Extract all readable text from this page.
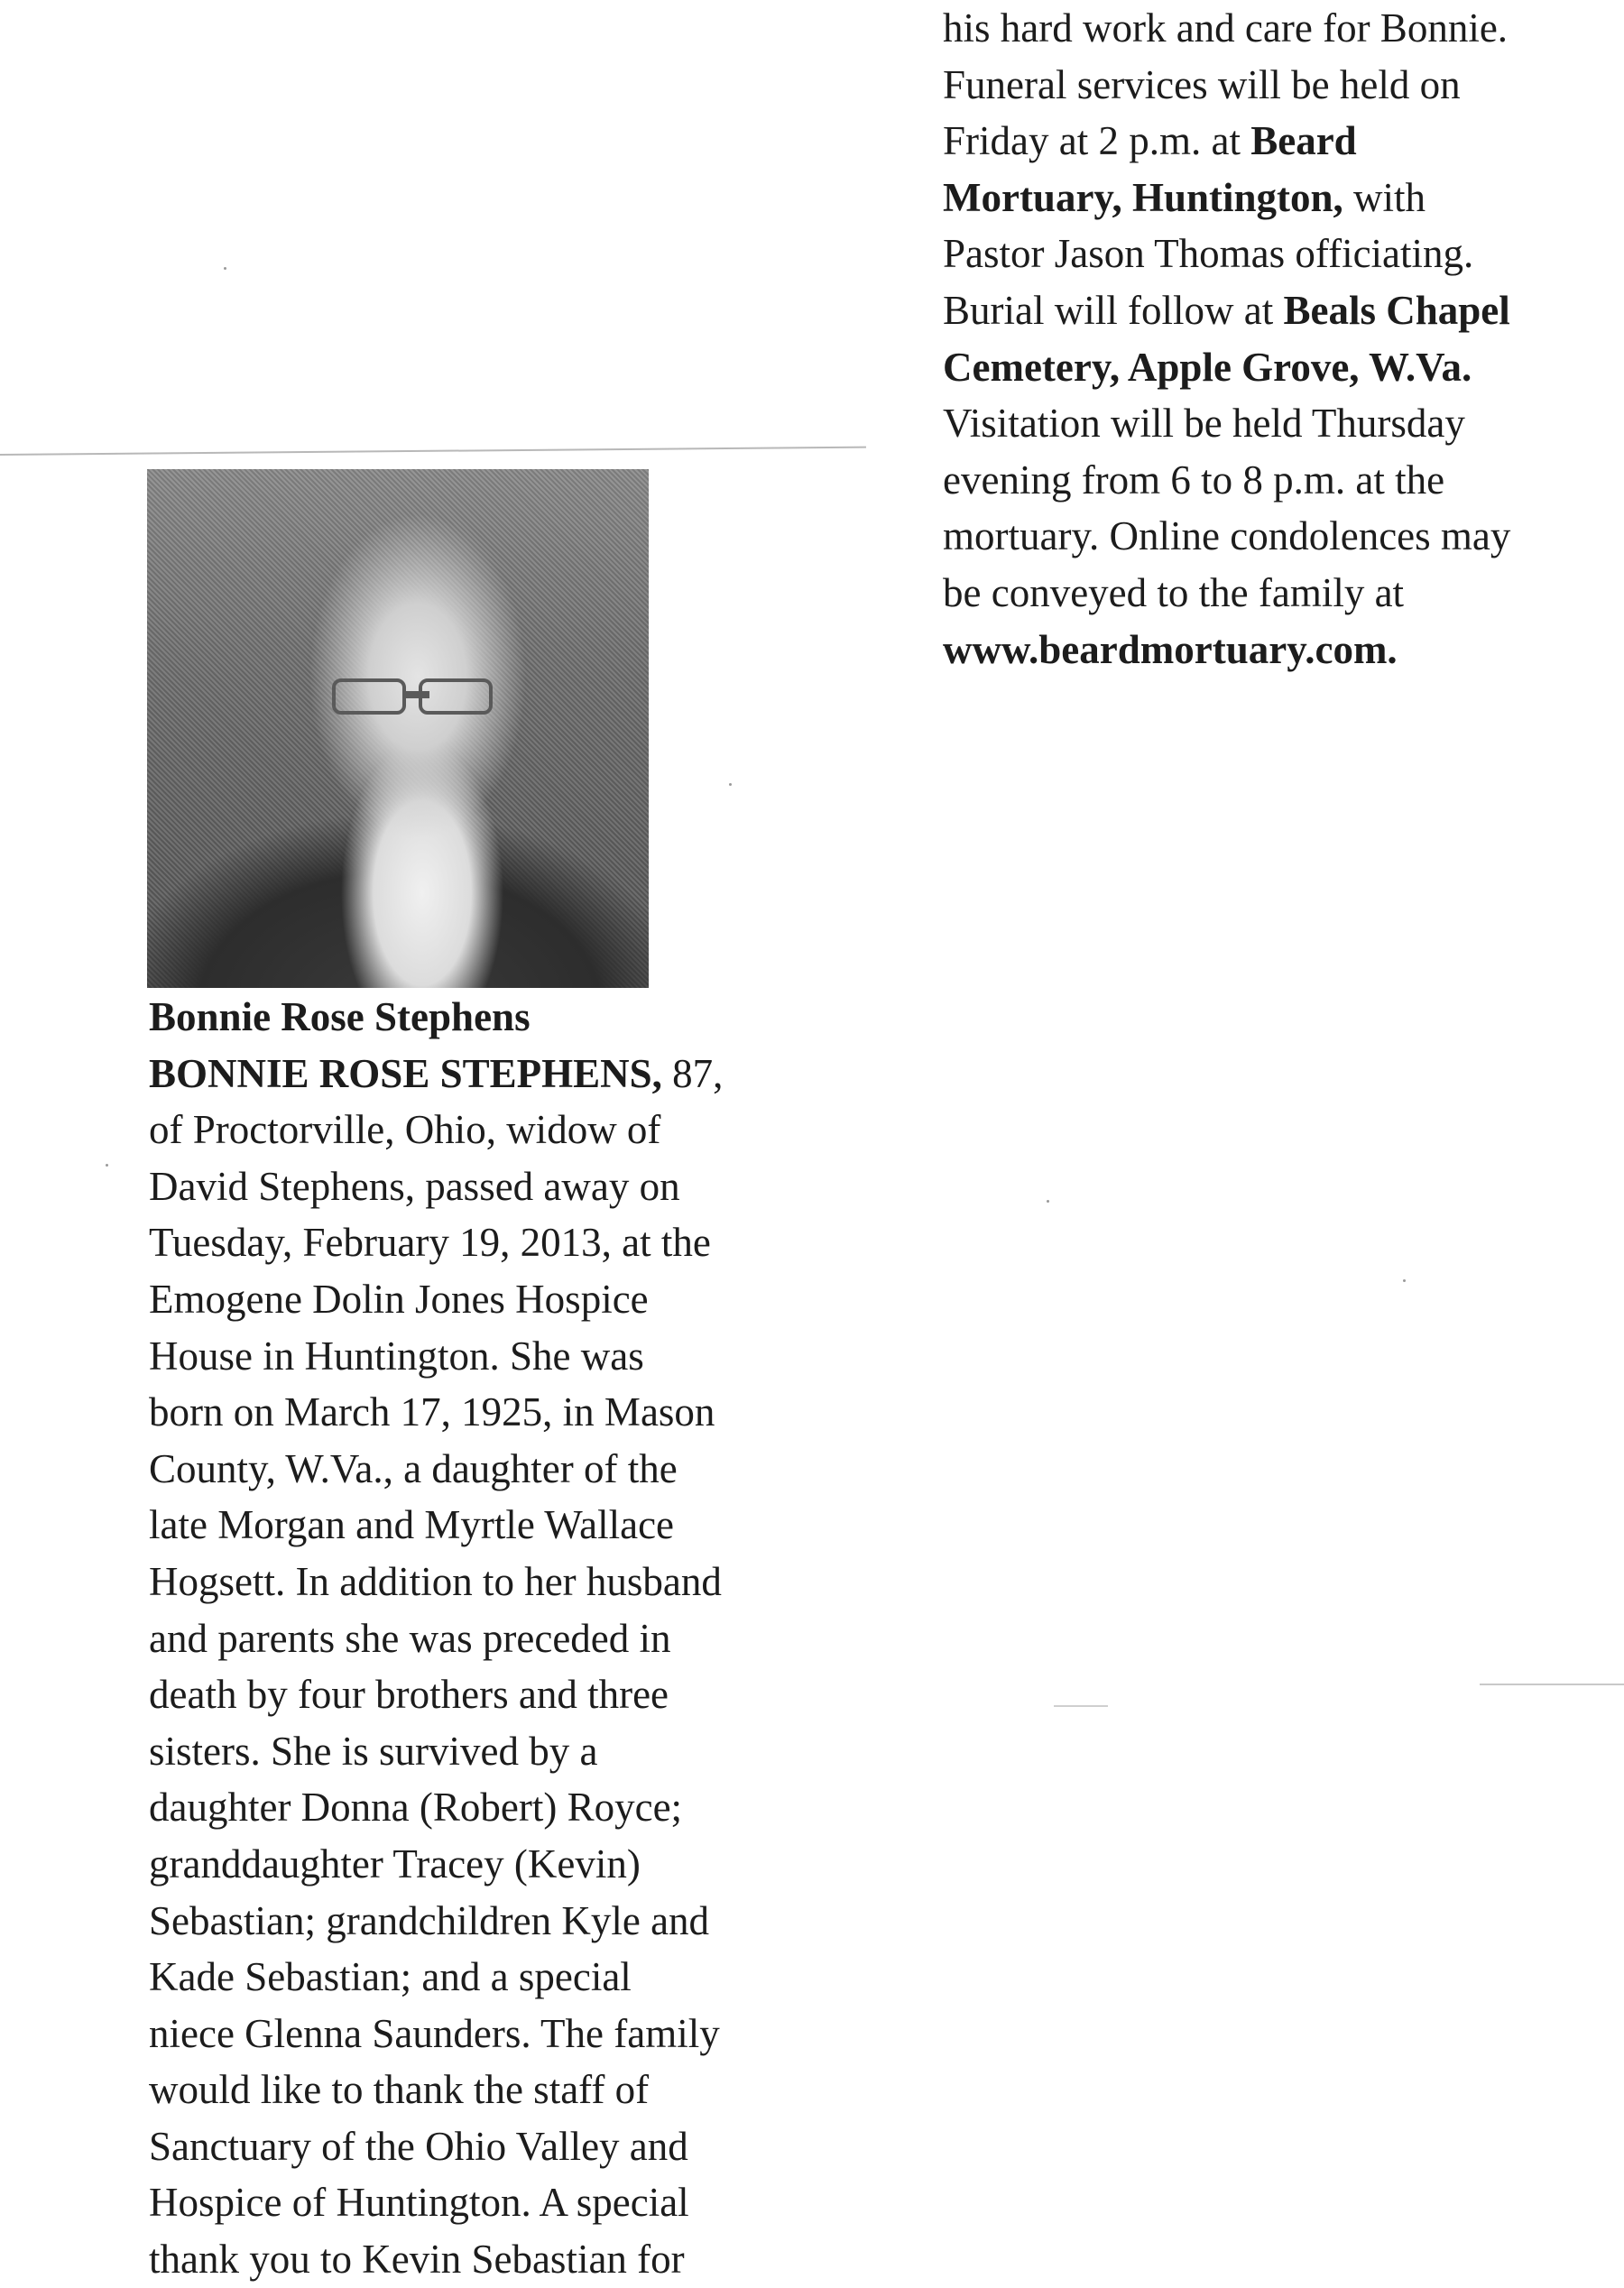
his hard work and care for Bonnie.
Funeral services will be held on
Friday at 2 p.m. at Beard
Mortuary, Huntington, with
Pastor Jason Thomas officiating.
Burial will follow at Beals Chapel
Cemetery, Apple Grove, W.Va.
Visitation will be held Thursday
evening from 6 to 8 p.m. at the
mortuary. Online condolences may
be conveyed to the family at
www.beardmortuary.com.
Bonnie Rose Stephens
BONNIE ROSE STEPHENS, 87,
of Proctorville, Ohio, widow of
David Stephens, passed away on
Tuesday, February 19, 2013, at the
Emogene Dolin Jones Hospice
House in Huntington. She was
born on March 17, 1925, in Mason
County, W.Va., a daughter of the
late Morgan and Myrtle Wallace
Hogsett. In addition to her husband
and parents she was preceded in
death by four brothers and three
sisters. She is survived by a
daughter Donna (Robert) Royce;
granddaughter Tracey (Kevin)
Sebastian; grandchildren Kyle and
Kade Sebastian; and a special
niece Glenna Saunders. The family
would like to thank the staff of
Sanctuary of the Ohio Valley and
Hospice of Huntington. A special
thank you to Kevin Sebastian for
